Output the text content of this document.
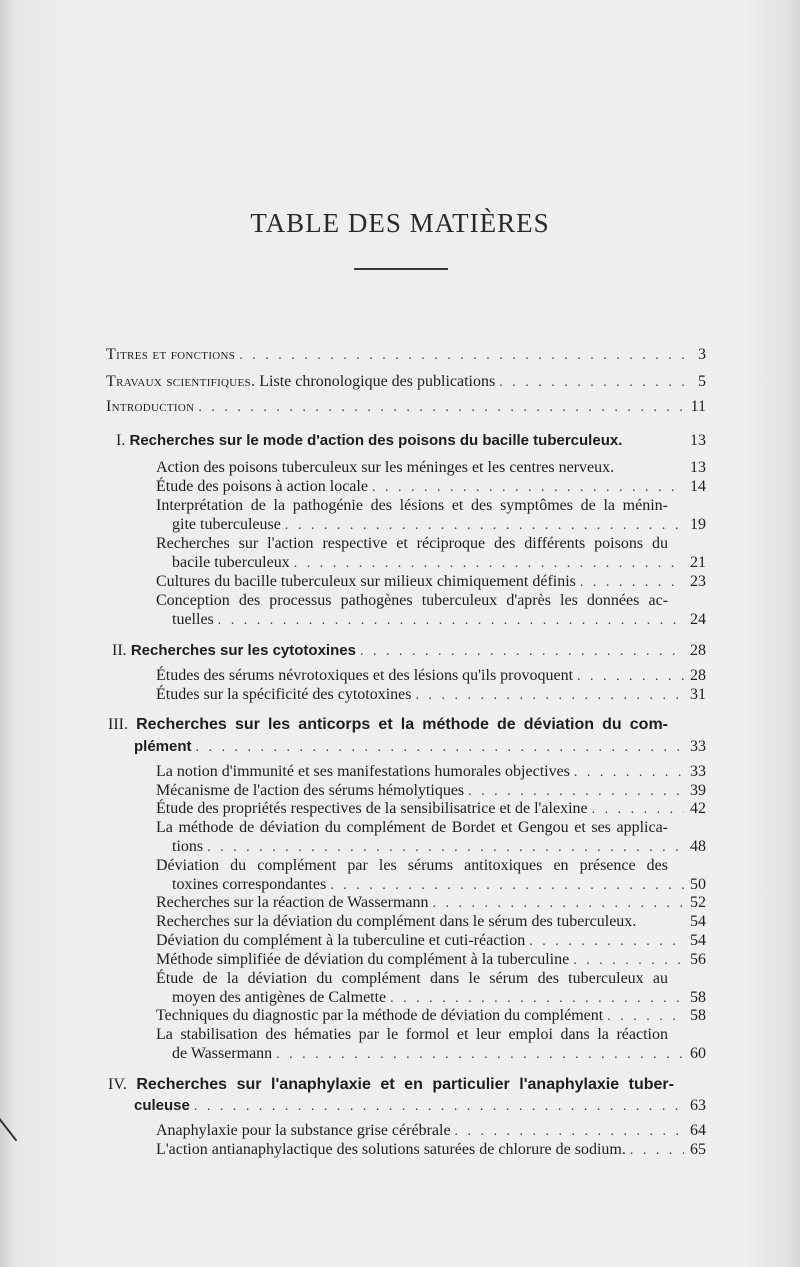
TABLE DES MATIÈRES
Titres et fonctions . . .	3
Travaux scientifiques. Liste chronologique des publications . . .	5
Introduction . . .	11
I. Recherches sur le mode d'action des poisons du bacille tuberculeux.	13
Action des poisons tuberculeux sur les méninges et les centres nerveux.	13
Étude des poisons à action locale . . .	14
Interprétation de la pathogénie des lésions et des symptômes de la ménin-
gite tuberculeuse . . .	19
Recherches sur l'action respective et réciproque des différents poisons du
bacile tuberculeux . . .	21
Cultures du bacille tuberculeux sur milieux chimiquement définis . . .	23
Conception des processus pathogènes tuberculeux d'après les données ac-
tuelles . . .	24
II. Recherches sur les cytotoxines . . .	28
Études des sérums névrotoxiques et des lésions qu'ils provoquent . . .	28
Études sur la spécificité des cytotoxines . . .	31
III. Recherches sur les anticorps et la méthode de déviation du com-
plément . . .	33
La notion d'immunité et ses manifestations humorales objectives . . .	33
Mécanisme de l'action des sérums hémolytiques . . .	39
Étude des propriétés respectives de la sensibilisatrice et de l'alexine . . .	42
La méthode de déviation du complément de Bordet et Gengou et ses applica-
tions . . .	48
Déviation du complément par les sérums antitoxiques en présence des
toxines correspondantes . . .	50
Recherches sur la réaction de Wassermann . . .	52
Recherches sur la déviation du complément dans le sérum des tuberculeux.	54
Déviation du complément à la tuberculine et cuti-réaction . . .	54
Méthode simplifiée de déviation du complément à la tuberculine . . .	56
Étude de la déviation du complément dans le sérum des tuberculeux au
moyen des antigènes de Calmette . . .	58
Techniques du diagnostic par la méthode de déviation du complément . . .	58
La stabilisation des hématies par le formol et leur emploi dans la réaction
de Wassermann . . .	60
IV. Recherches sur l'anaphylaxie et en particulier l'anaphylaxie tuber-
culeuse . . .	63
Anaphylaxie pour la substance grise cérébrale . . .	64
L'action antianaphylactique des solutions saturées de chlorure de sodium. . . .	65
